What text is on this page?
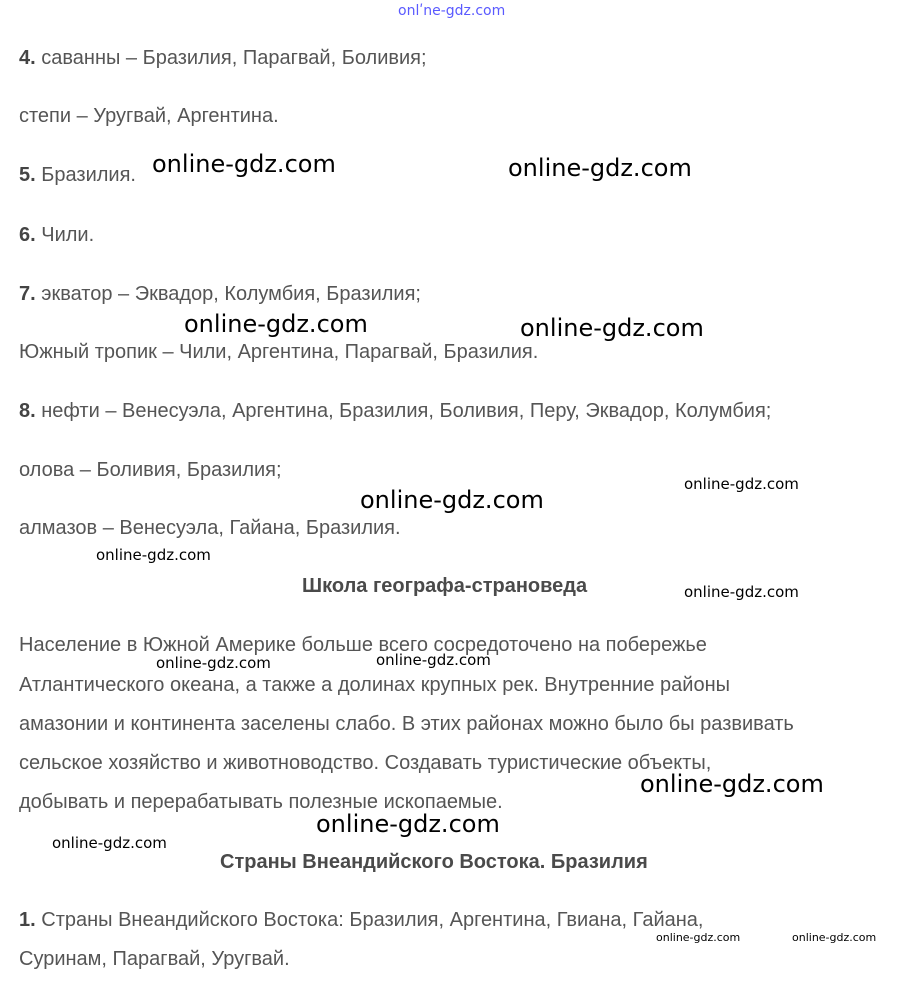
onlʹne-gdz.com
4. саванны – Бразилия, Парагвай, Боливия;
степи – Уругвай, Аргентина.
5. Бразилия.
6. Чили.
7. экватор – Эквадор, Колумбия, Бразилия;
Южный тропик – Чили, Аргентина, Парагвай, Бразилия.
8. нефти – Венесуэла, Аргентина, Бразилия, Боливия, Перу, Эквадор, Колумбия;
олова – Боливия, Бразилия;
алмазов – Венесуэла, Гайана, Бразилия.
Школа географа-страноведа
Население в Южной Америке больше всего сосредоточено на побережье
Атлантического океана, а также а долинах крупных рек. Внутренние районы
амазонии и континента заселены слабо. В этих районах можно было бы развивать
сельское хозяйство и животноводство. Создавать туристические объекты,
добывать и перерабатывать полезные ископаемые.
Страны Внеандийского Востока. Бразилия
1. Страны Внеандийского Востока: Бразилия, Аргентина, Гвиана, Гайана,
Суринам, Парагвай, Уругвай.
online-gdz.com	online-gdz.com
online-gdz.com	online-gdz.com
online-gdz.com
online-gdz.com
online-gdz.com
online-gdz.com
online-gdz.com	online-gdz.com
online-gdz.com
online-gdz.com
online-gdz.com
online-gdz.com	online-gdz.com
